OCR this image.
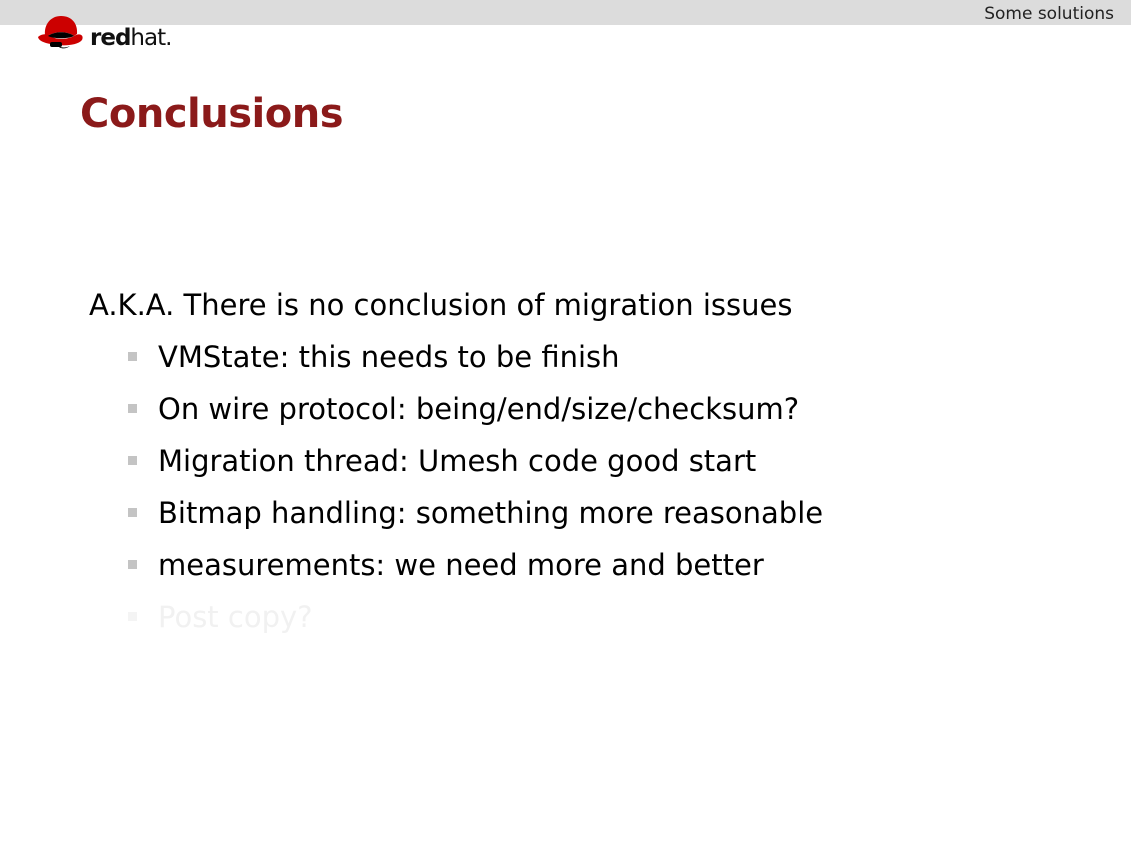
Some solutions
redhat.
Conclusions
A.K.A. There is no conclusion of migration issues
VMState: this needs to be finish
On wire protocol: being/end/size/checksum?
Migration thread: Umesh code good start
Bitmap handling: something more reasonable
measurements: we need more and better
Post copy?
